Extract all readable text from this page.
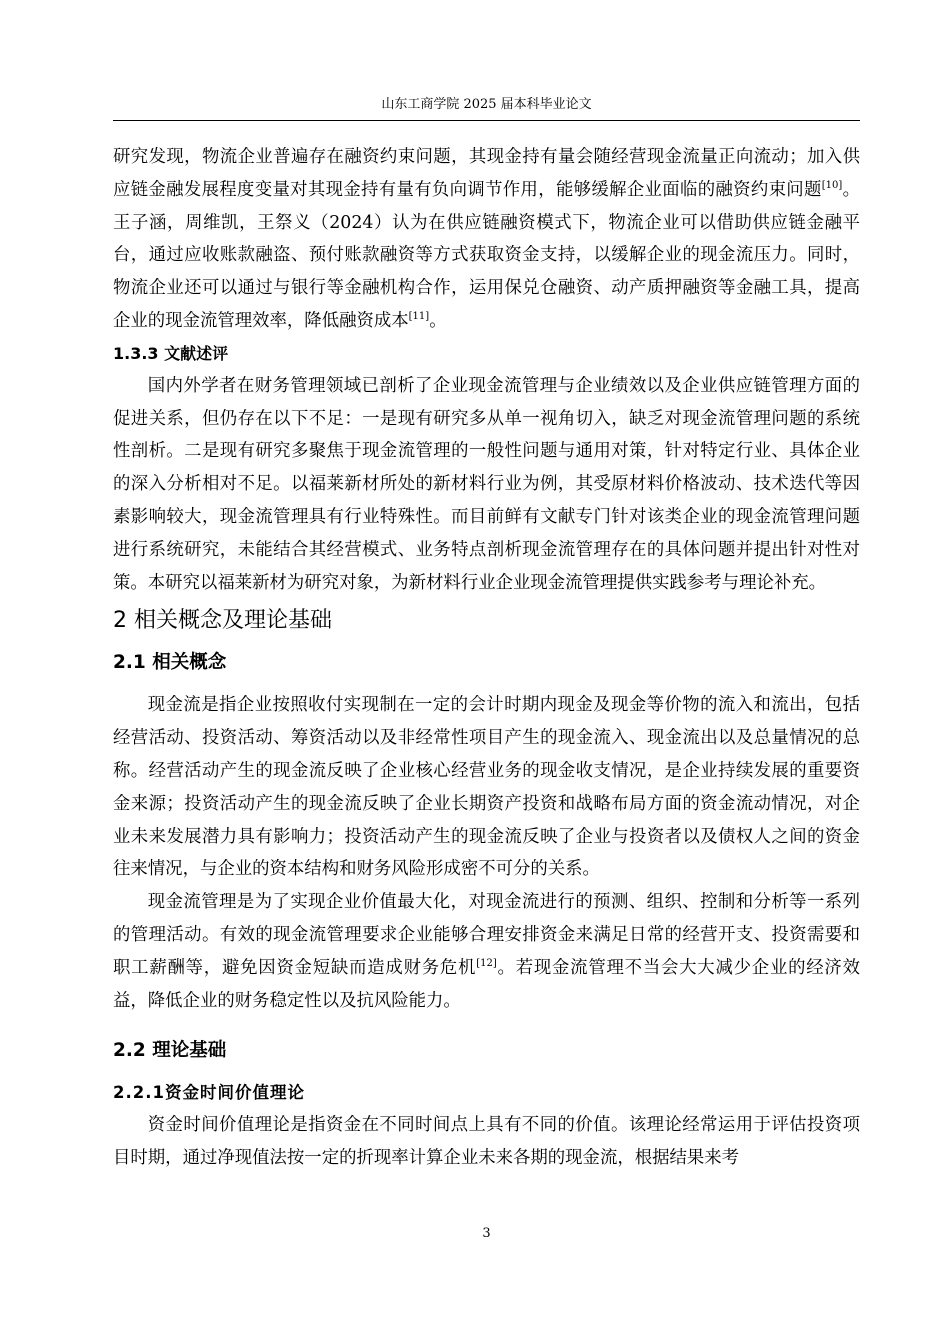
山东工商学院 2025 届本科毕业论文

研究发现，物流企业普遍存在融资约束问题，其现金持有量会随经营现金流量正向流动；加入供应链金融发展程度变量对其现金持有量有负向调节作用，能够缓解企业面临的融资约束问题[10]。王子涵，周维凯，王祭义（2024）认为在供应链融资模式下，物流企业可以借助供应链金融平台，通过应收账款融盗、预付账款融资等方式获取资金支持，以缓解企业的现金流压力。同时，物流企业还可以通过与银行等金融机构合作，运用保兑仓融资、动产质押融资等金融工具，提高企业的现金流管理效率，降低融资成本[11]。

1.3.3 文献述评

国内外学者在财务管理领域已剖析了企业现金流管理与企业绩效以及企业供应链管理方面的促进关系，但仍存在以下不足：一是现有研究多从单一视角切入，缺乏对现金流管理问题的系统性剖析。二是现有研究多聚焦于现金流管理的一般性问题与通用对策，针对特定行业、具体企业的深入分析相对不足。以福莱新材所处的新材料行业为例，其受原材料价格波动、技术迭代等因素影响较大，现金流管理具有行业特殊性。而目前鲜有文献专门针对该类企业的现金流管理问题进行系统研究，未能结合其经营模式、业务特点剖析现金流管理存在的具体问题并提出针对性对策。本研究以福莱新材为研究对象，为新材料行业企业现金流管理提供实践参考与理论补充。

2 相关概念及理论基础
2.1 相关概念

现金流是指企业按照收付实现制在一定的会计时期内现金及现金等价物的流入和流出，包括经营活动、投资活动、筹资活动以及非经常性项目产生的现金流入、现金流出以及总量情况的总称。经营活动产生的现金流反映了企业核心经营业务的现金收支情况，是企业持续发展的重要资金来源；投资活动产生的现金流反映了企业长期资产投资和战略布局方面的资金流动情况，对企业未来发展潜力具有影响力；投资活动产生的现金流反映了企业与投资者以及债权人之间的资金往来情况，与企业的资本结构和财务风险形成密不可分的关系。

现金流管理是为了实现企业价值最大化，对现金流进行的预测、组织、控制和分析等一系列的管理活动。有效的现金流管理要求企业能够合理安排资金来满足日常的经营开支、投资需要和职工薪酬等，避免因资金短缺而造成财务危机[12]。若现金流管理不当会大大减少企业的经济效益，降低企业的财务稳定性以及抗风险能力。

2.2 理论基础
2.2.1资金时间价值理论

资金时间价值理论是指资金在不同时间点上具有不同的价值。该理论经常运用于评估投资项目时期，通过净现值法按一定的折现率计算企业未来各期的现金流，根据结果来考

3
